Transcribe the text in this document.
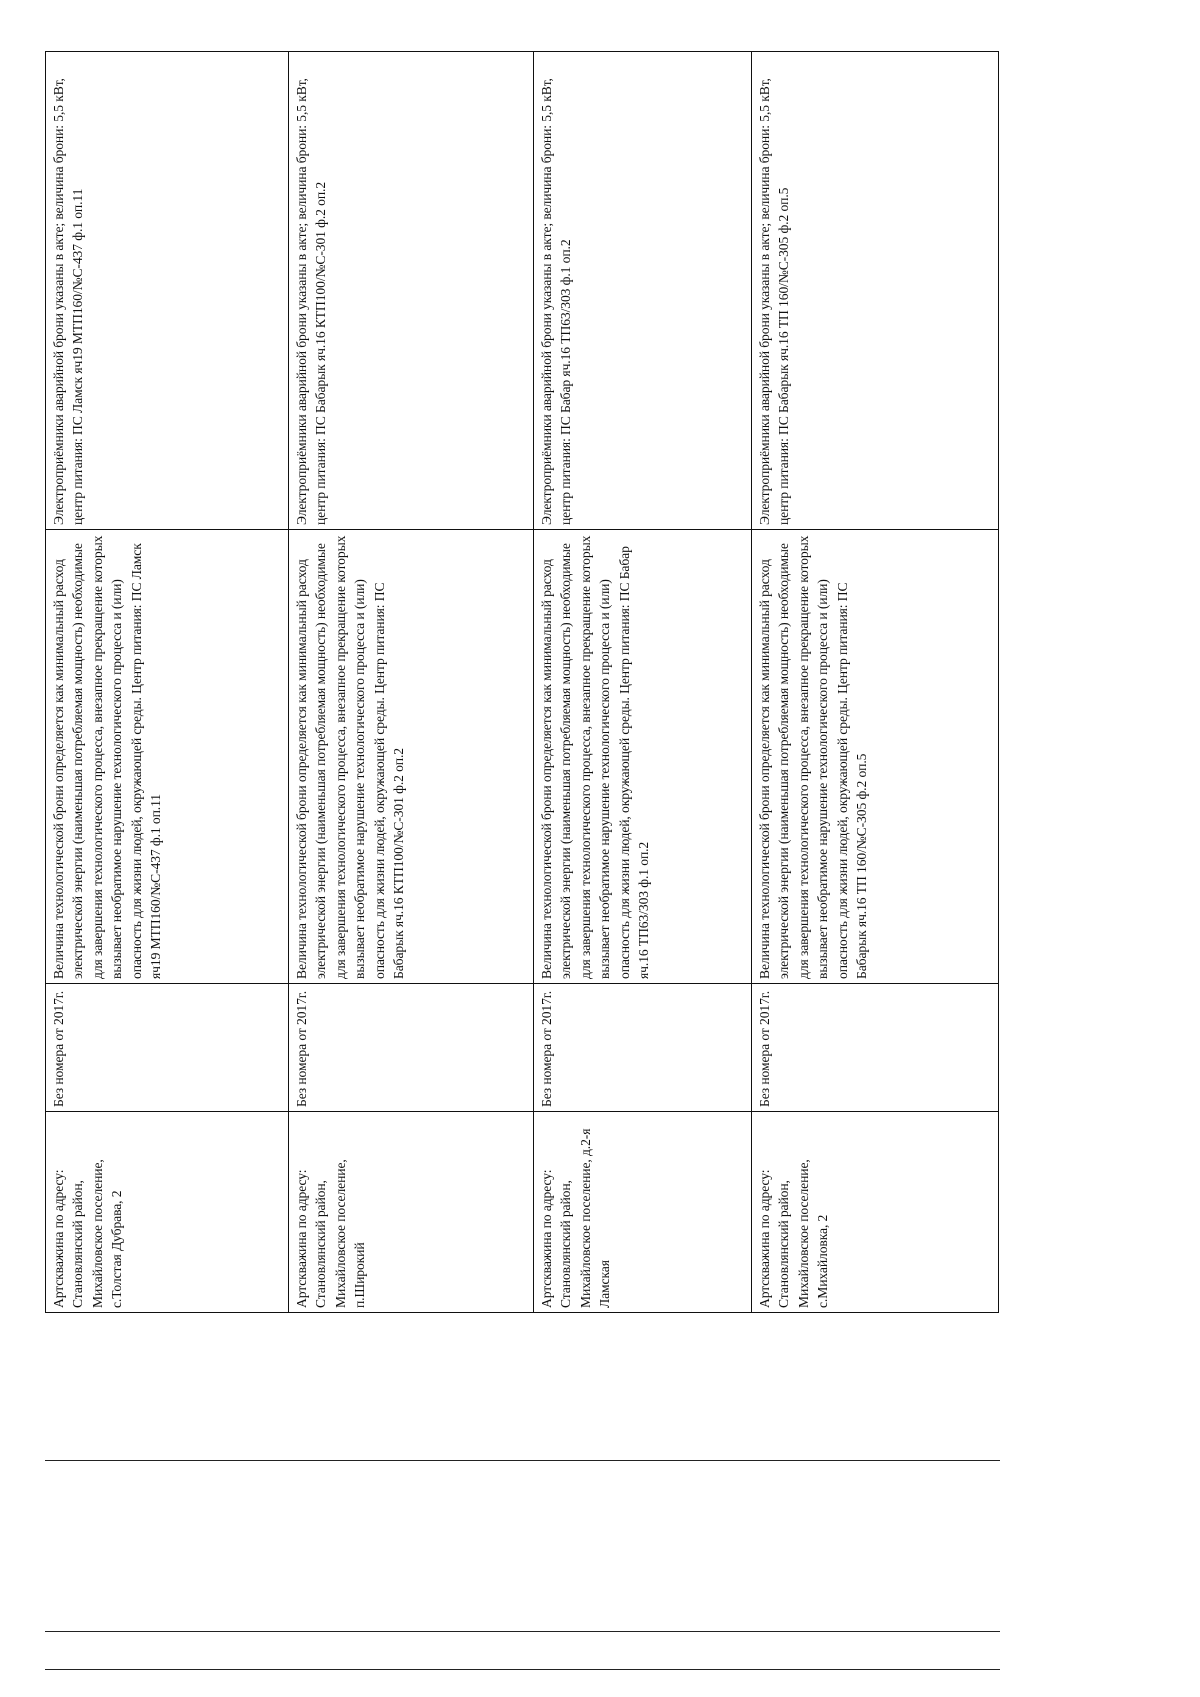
Артскважина по адресу: Становлянский район, Михайловское поселение, с.Толстая Дубрава, 2	Без номера от 2017г.	Величина технологической брони определяется как минимальный расход электрической энергии (наименьшая потребляемая мощность) необходимые для завершения технологического процесса, внезапное прекращение которых вызывает необратимое нарушение технологического процесса и (или) опасность для жизни людей, окружающей среды. Центр питания: ПС Ламск яч19 МТП160/№С-437 ф.1 оп.11	Электроприёмники аварийной брони указаны в акте; величина брони: 5,5 кВт, центр питания: ПС Ламск яч19 МТП160/№С-437 ф.1 оп.11
Артскважина по адресу: Становлянский район, Михайловское поселение, п.Широкий	Без номера от 2017г.	Величина технологической брони определяется как минимальный расход электрической энергии (наименьшая потребляемая мощность) необходимые для завершения технологического процесса, внезапное прекращение которых вызывает необратимое нарушение технологического процесса и (или) опасность для жизни людей, окружающей среды. Центр питания: ПС Бабарык яч.16 КТП100/№С-301 ф.2 оп.2	Электроприёмники аварийной брони указаны в акте; величина брони: 5,5 кВт, центр питания: ПС Бабарык яч.16 КТП100/№С-301 ф.2 оп.2
Артскважина по адресу: Становлянский район, Михайловское поселение, д.2-я Ламская	Без номера от 2017г.	Величина технологической брони определяется как минимальный расход электрической энергии (наименьшая потребляемая мощность) необходимые для завершения технологического процесса, внезапное прекращение которых вызывает необратимое нарушение технологического процесса и (или) опасность для жизни людей, окружающей среды. Центр питания: ПС Бабар яч.16 ТП63/303 ф.1 оп.2	Электроприёмники аварийной брони указаны в акте; величина брони: 5,5 кВт, центр питания: ПС Бабар яч.16 ТП63/303 ф.1 оп.2
Артскважина по адресу: Становлянский район, Михайловское поселение, с.Михайловка, 2	Без номера от 2017г.	Величина технологической брони определяется как минимальный расход электрической энергии (наименьшая потребляемая мощность) необходимые для завершения технологического процесса, внезапное прекращение которых вызывает необратимое нарушение технологического процесса и (или) опасность для жизни людей, окружающей среды. Центр питания: ПС Бабарык яч.16 ТП 160/№С-305 ф.2 оп.5	Электроприёмники аварийной брони указаны в акте; величина брони: 5,5 кВт, центр питания: ПС Бабарык яч.16 ТП 160/№С-305 ф.2 оп.5
